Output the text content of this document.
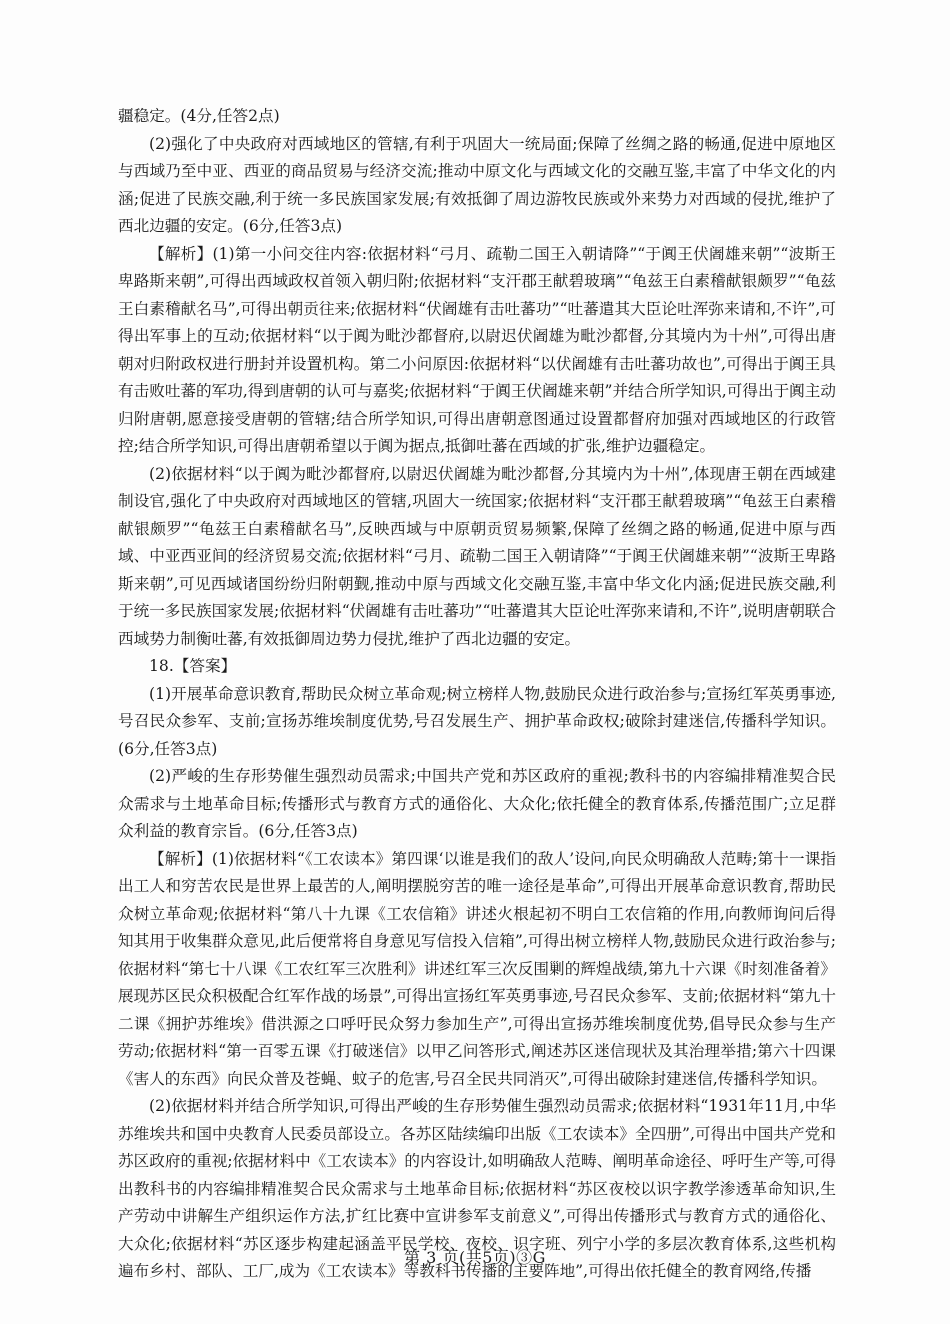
疆稳定。(4分,任答2点)

(2)强化了中央政府对西域地区的管辖,有利于巩固大一统局面;保障了丝绸之路的畅通,促进中原地区与西域乃至中亚、西亚的商品贸易与经济交流;推动中原文化与西域文化的交融互鉴,丰富了中华文化的内涵;促进了民族交融,利于统一多民族国家发展;有效抵御了周边游牧民族或外来势力对西域的侵扰,维护了西北边疆的安定。(6分,任答3点)

【解析】(1)第一小问交往内容:依据材料“弓月、疏勒二国王入朝请降”“于阗王伏阇雄来朝”“波斯王卑路斯来朝”,可得出西域政权首领入朝归附;依据材料“支汗郡王献碧玻璃”“龟兹王白素稽献银颇罗”“龟兹王白素稽献名马”,可得出朝贡往来;依据材料“伏阇雄有击吐蕃功”“吐蕃遣其大臣论吐浑弥来请和,不许”,可得出军事上的互动;依据材料“以于阗为毗沙都督府,以尉迟伏阇雄为毗沙都督,分其境内为十州”,可得出唐朝对归附政权进行册封并设置机构。第二小问原因:依据材料“以伏阇雄有击吐蕃功故也”,可得出于阗王具有击败吐蕃的军功,得到唐朝的认可与嘉奖;依据材料“于阗王伏阇雄来朝”并结合所学知识,可得出于阗主动归附唐朝,愿意接受唐朝的管辖;结合所学知识,可得出唐朝意图通过设置都督府加强对西域地区的行政管控;结合所学知识,可得出唐朝希望以于阗为据点,抵御吐蕃在西域的扩张,维护边疆稳定。

(2)依据材料“以于阗为毗沙都督府,以尉迟伏阇雄为毗沙都督,分其境内为十州”,体现唐王朝在西域建制设官,强化了中央政府对西域地区的管辖,巩固大一统国家;依据材料“支汗郡王献碧玻璃”“龟兹王白素稽献银颇罗”“龟兹王白素稽献名马”,反映西域与中原朝贡贸易频繁,保障了丝绸之路的畅通,促进中原与西域、中亚西亚间的经济贸易交流;依据材料“弓月、疏勒二国王入朝请降”“于阗王伏阇雄来朝”“波斯王卑路斯来朝”,可见西域诸国纷纷归附朝觐,推动中原与西域文化交融互鉴,丰富中华文化内涵;促进民族交融,利于统一多民族国家发展;依据材料“伏阇雄有击吐蕃功”“吐蕃遣其大臣论吐浑弥来请和,不许”,说明唐朝联合西域势力制衡吐蕃,有效抵御周边势力侵扰,维护了西北边疆的安定。

18.【答案】

(1)开展革命意识教育,帮助民众树立革命观;树立榜样人物,鼓励民众进行政治参与;宣扬红军英勇事迹,号召民众参军、支前;宣扬苏维埃制度优势,号召发展生产、拥护革命政权;破除封建迷信,传播科学知识。(6分,任答3点)

(2)严峻的生存形势催生强烈动员需求;中国共产党和苏区政府的重视;教科书的内容编排精准契合民众需求与土地革命目标;传播形式与教育方式的通俗化、大众化;依托健全的教育体系,传播范围广;立足群众利益的教育宗旨。(6分,任答3点)

【解析】(1)依据材料“《工农读本》第四课‘以谁是我们的敌人’设问,向民众明确敌人范畴;第十一课指出工人和穷苦农民是世界上最苦的人,阐明摆脱穷苦的唯一途径是革命”,可得出开展革命意识教育,帮助民众树立革命观;依据材料“第八十九课《工农信箱》讲述火根起初不明白工农信箱的作用,向教师询问后得知其用于收集群众意见,此后便常将自身意见写信投入信箱”,可得出树立榜样人物,鼓励民众进行政治参与;依据材料“第七十八课《工农红军三次胜利》讲述红军三次反围剿的辉煌战绩,第九十六课《时刻准备着》展现苏区民众积极配合红军作战的场景”,可得出宣扬红军英勇事迹,号召民众参军、支前;依据材料“第九十二课《拥护苏维埃》借洪源之口呼吁民众努力参加生产”,可得出宣扬苏维埃制度优势,倡导民众参与生产劳动;依据材料“第一百零五课《打破迷信》以甲乙问答形式,阐述苏区迷信现状及其治理举措;第六十四课《害人的东西》向民众普及苍蝇、蚊子的危害,号召全民共同消灭”,可得出破除封建迷信,传播科学知识。

(2)依据材料并结合所学知识,可得出严峻的生存形势催生强烈动员需求;依据材料“1931年11月,中华苏维埃共和国中央教育人民委员部设立。各苏区陆续编印出版《工农读本》全四册”,可得出中国共产党和苏区政府的重视;依据材料中《工农读本》的内容设计,如明确敌人范畴、阐明革命途径、呼吁生产等,可得出教科书的内容编排精准契合民众需求与土地革命目标;依据材料“苏区夜校以识字教学渗透革命知识,生产劳动中讲解生产组织运作方法,扩红比赛中宣讲参军支前意义”,可得出传播形式与教育方式的通俗化、大众化;依据材料“苏区逐步构建起涵盖平民学校、夜校、识字班、列宁小学的多层次教育体系,这些机构遍布乡村、部队、工厂,成为《工农读本》等教科书传播的主要阵地”,可得出依托健全的教育网络,传播

第 3 页(共5页)③G
